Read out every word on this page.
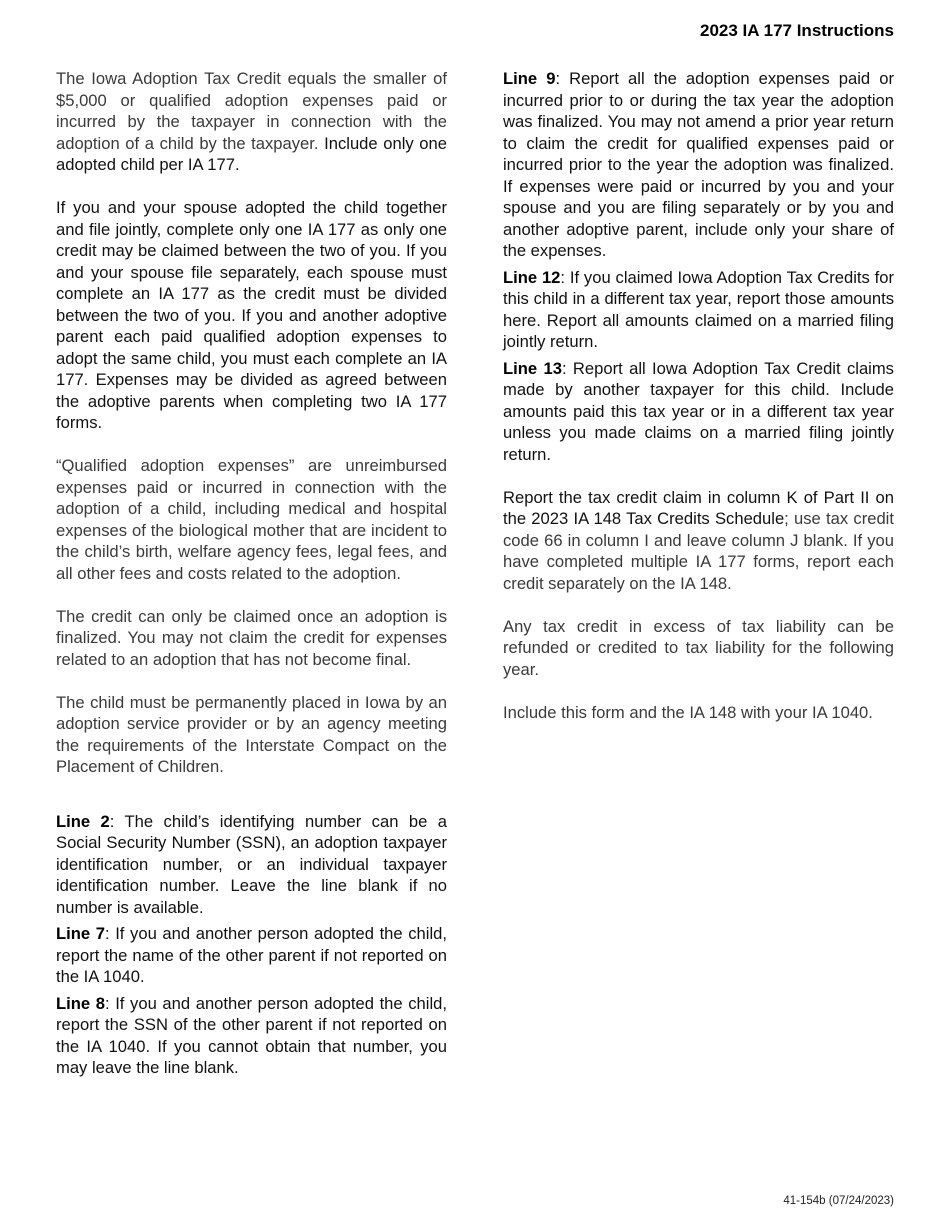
2023 IA 177 Instructions

The Iowa Adoption Tax Credit equals the smaller of $5,000 or qualified adoption expenses paid or incurred by the taxpayer in connection with the adoption of a child by the taxpayer. Include only one adopted child per IA 177.

If you and your spouse adopted the child together and file jointly, complete only one IA 177 as only one credit may be claimed between the two of you. If you and your spouse file separately, each spouse must complete an IA 177 as the credit must be divided between the two of you. If you and another adoptive parent each paid qualified adoption expenses to adopt the same child, you must each complete an IA 177. Expenses may be divided as agreed between the adoptive parents when completing two IA 177 forms.

“Qualified adoption expenses” are unreimbursed expenses paid or incurred in connection with the adoption of a child, including medical and hospital expenses of the biological mother that are incident to the child’s birth, welfare agency fees, legal fees, and all other fees and costs related to the adoption.

The credit can only be claimed once an adoption is finalized. You may not claim the credit for expenses related to an adoption that has not become final.

The child must be permanently placed in Iowa by an adoption service provider or by an agency meeting the requirements of the Interstate Compact on the Placement of Children.

Line 2: The child’s identifying number can be a Social Security Number (SSN), an adoption taxpayer identification number, or an individual taxpayer identification number. Leave the line blank if no number is available.

Line 7: If you and another person adopted the child, report the name of the other parent if not reported on the IA 1040.

Line 8: If you and another person adopted the child, report the SSN of the other parent if not reported on the IA 1040. If you cannot obtain that number, you may leave the line blank.

Line 9: Report all the adoption expenses paid or incurred prior to or during the tax year the adoption was finalized. You may not amend a prior year return to claim the credit for qualified expenses paid or incurred prior to the year the adoption was finalized. If expenses were paid or incurred by you and your spouse and you are filing separately or by you and another adoptive parent, include only your share of the expenses.

Line 12: If you claimed Iowa Adoption Tax Credits for this child in a different tax year, report those amounts here. Report all amounts claimed on a married filing jointly return.

Line 13: Report all Iowa Adoption Tax Credit claims made by another taxpayer for this child. Include amounts paid this tax year or in a different tax year unless you made claims on a married filing jointly return.

Report the tax credit claim in column K of Part II on the 2023 IA 148 Tax Credits Schedule; use tax credit code 66 in column I and leave column J blank. If you have completed multiple IA 177 forms, report each credit separately on the IA 148.

Any tax credit in excess of tax liability can be refunded or credited to tax liability for the following year.

Include this form and the IA 148 with your IA 1040.

41-154b (07/24/2023)
